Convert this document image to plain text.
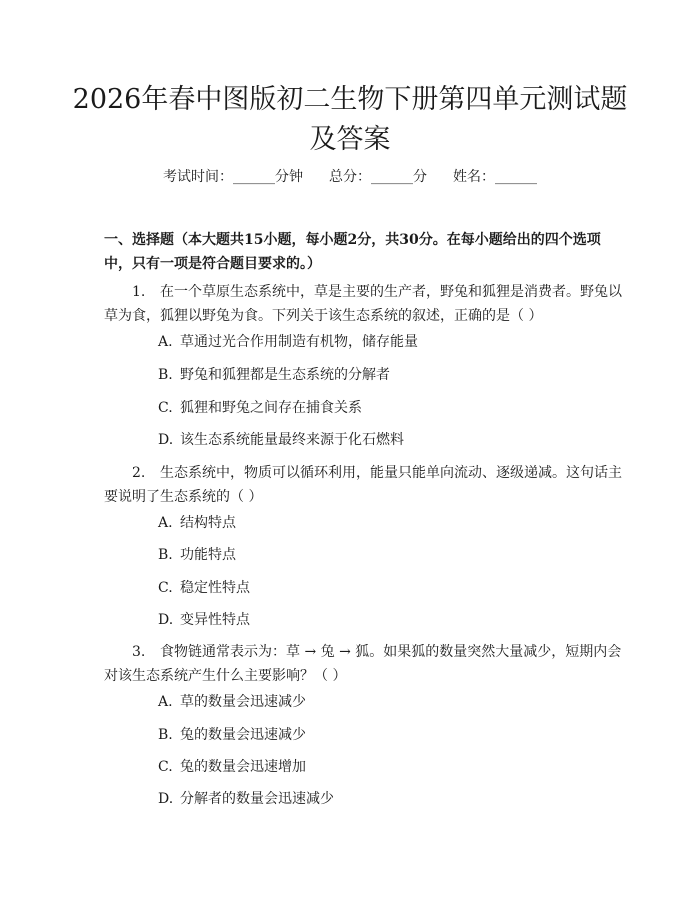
2026年春中图版初二生物下册第四单元测试题及答案
考试时间：______分钟 总分：______分 姓名：______
一、选择题（本大题共15小题，每小题2分，共30分。在每小题给出的四个选项中，只有一项是符合题目要求的。）
1. 在一个草原生态系统中，草是主要的生产者，野兔和狐狸是消费者。野兔以草为食，狐狸以野兔为食。下列关于该生态系统的叙述，正确的是（ ）
A. 草通过光合作用制造有机物，储存能量
B. 野兔和狐狸都是生态系统的分解者
C. 狐狸和野兔之间存在捕食关系
D. 该生态系统能量最终来源于化石燃料
2. 生态系统中，物质可以循环利用，能量只能单向流动、逐级递减。这句话主要说明了生态系统的（ ）
A. 结构特点
B. 功能特点
C. 稳定性特点
D. 变异性特点
3. 食物链通常表示为：草 → 兔 → 狐。如果狐的数量突然大量减少，短期内会对该生态系统产生什么主要影响？（ ）
A. 草的数量会迅速减少
B. 兔的数量会迅速减少
C. 兔的数量会迅速增加
D. 分解者的数量会迅速减少
